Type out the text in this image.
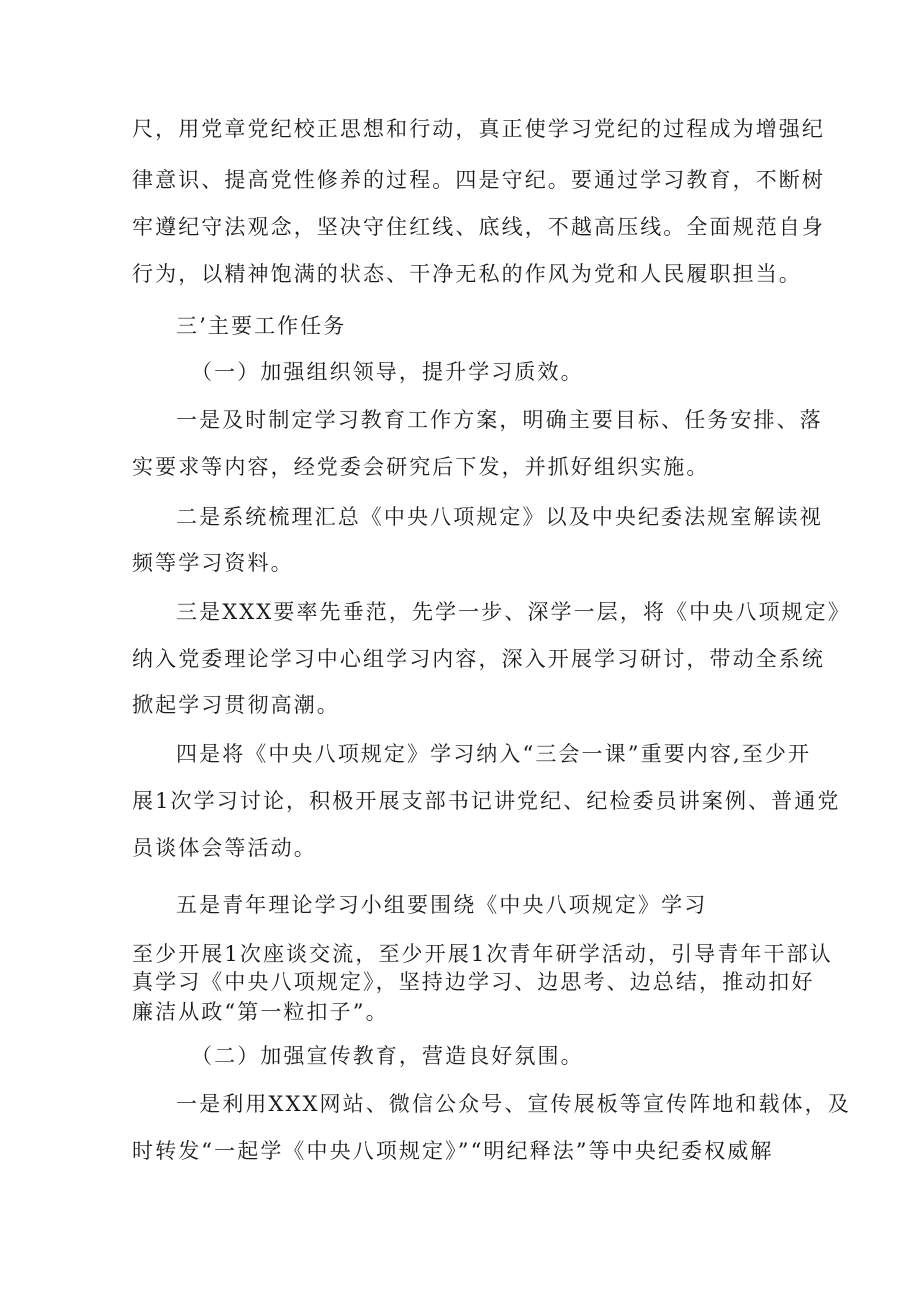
尺，用党章党纪校正思想和行动，真正使学习党纪的过程成为增强纪
律意识、提高党性修养的过程。四是守纪。要通过学习教育，不断树
牢遵纪守法观念，坚决守住红线、底线，不越高压线。全面规范自身
行为，以精神饱满的状态、干净无私的作风为党和人民履职担当。
三’主要工作任务
（一）加强组织领导，提升学习质效。
一是及时制定学习教育工作方案，明确主要目标、任务安排、落
实要求等内容，经党委会研究后下发，并抓好组织实施。
二是系统梳理汇总《中央八项规定》以及中央纪委法规室解读视
频等学习资料。
三是XXX要率先垂范，先学一步、深学一层，将《中央八项规定》
纳入党委理论学习中心组学习内容，深入开展学习研讨，带动全系统
掀起学习贯彻高潮。
四是将《中央八项规定》学习纳入“三会一课”重要内容,至少开
展1次学习讨论，积极开展支部书记讲党纪、纪检委员讲案例、普通党
员谈体会等活动。
五是青年理论学习小组要围绕《中央八项规定》学习
至少开展1次座谈交流，至少开展1次青年研学活动，引导青年干部认
真学习《中央八项规定》，坚持边学习、边思考、边总结，推动扣好
廉洁从政“第一粒扣子”。
（二）加强宣传教育，营造良好氛围。
一是利用XXX网站、微信公众号、宣传展板等宣传阵地和载体，及
时转发“一起学《中央八项规定》”“明纪释法”等中央纪委权威解
